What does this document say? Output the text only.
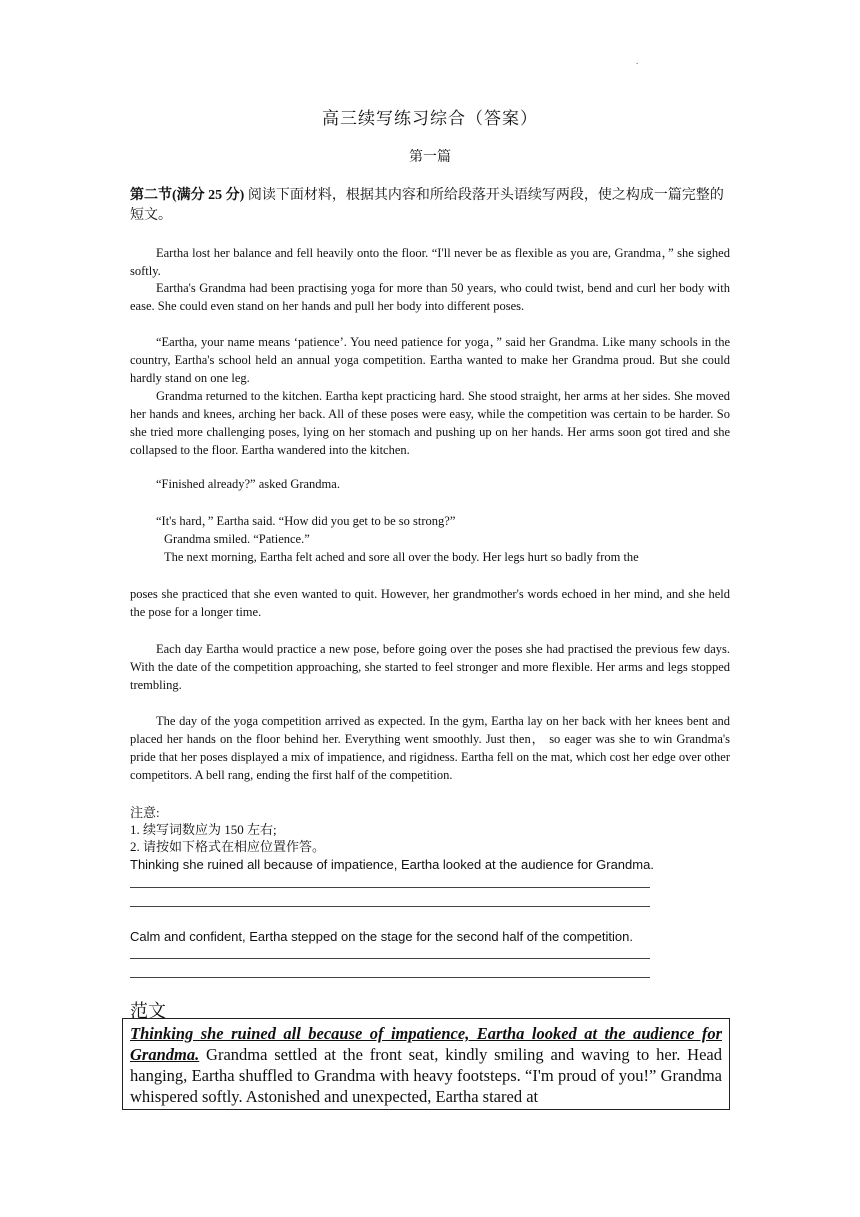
.
高三续写练习综合（答案）
第一篇
第二节(满分 25 分) 阅读下面材料，根据其内容和所给段落开头语续写两段，使之构成一篇完整的短文。
Eartha lost her balance and fell heavily onto the floor. “I'll never be as flexible as you are, Grandma，” she sighed softly.
Eartha's Grandma had been practising yoga for more than 50 years, who could twist, bend and curl her body with ease. She could even stand on her hands and pull her body into different poses.
“Eartha, your name means ‘patience’. You need patience for yoga，” said her Grandma. Like many schools in the country, Eartha's school held an annual yoga competition. Eartha wanted to make her Grandma proud. But she could hardly stand on one leg.
Grandma returned to the kitchen. Eartha kept practicing hard. She stood straight, her arms at her sides. She moved her hands and knees, arching her back. All of these poses were easy, while the competition was certain to be harder. So she tried more challenging poses, lying on her stomach and pushing up on her hands. Her arms soon got tired and she collapsed to the floor. Eartha wandered into the kitchen.
“Finished already?” asked Grandma.
“It's hard，” Eartha said. “How did you get to be so strong?”
Grandma smiled. “Patience.”
The next morning, Eartha felt ached and sore all over the body. Her legs hurt so badly from the
poses she practiced that she even wanted to quit. However, her grandmother's words echoed in her mind, and she held the pose for a longer time.
Each day Eartha would practice a new pose, before going over the poses she had practised the previous few days. With the date of the competition approaching, she started to feel stronger and more flexible. Her arms and legs stopped trembling.
The day of the yoga competition arrived as expected. In the gym, Eartha lay on her back with her knees bent and placed her hands on the floor behind her. Everything went smoothly. Just then， so eager was she to win Grandma's pride that her poses displayed a mix of impatience, and rigidness. Eartha fell on the mat, which cost her edge over other competitors. A bell rang, ending the first half of the competition.
注意:
1. 续写词数应为 150 左右;
2. 请按如下格式在相应位置作答。
Thinking she ruined all because of impatience, Eartha looked at the audience for Grandma.
Calm and confident, Eartha stepped on the stage for the second half of the competition.
范文
Thinking she ruined all because of impatience, Eartha looked at the audience for Grandma. Grandma settled at the front seat, kindly smiling and waving to her. Head hanging, Eartha shuffled to Grandma with heavy footsteps. “I'm proud of you!” Grandma whispered softly. Astonished and unexpected, Eartha stared at
